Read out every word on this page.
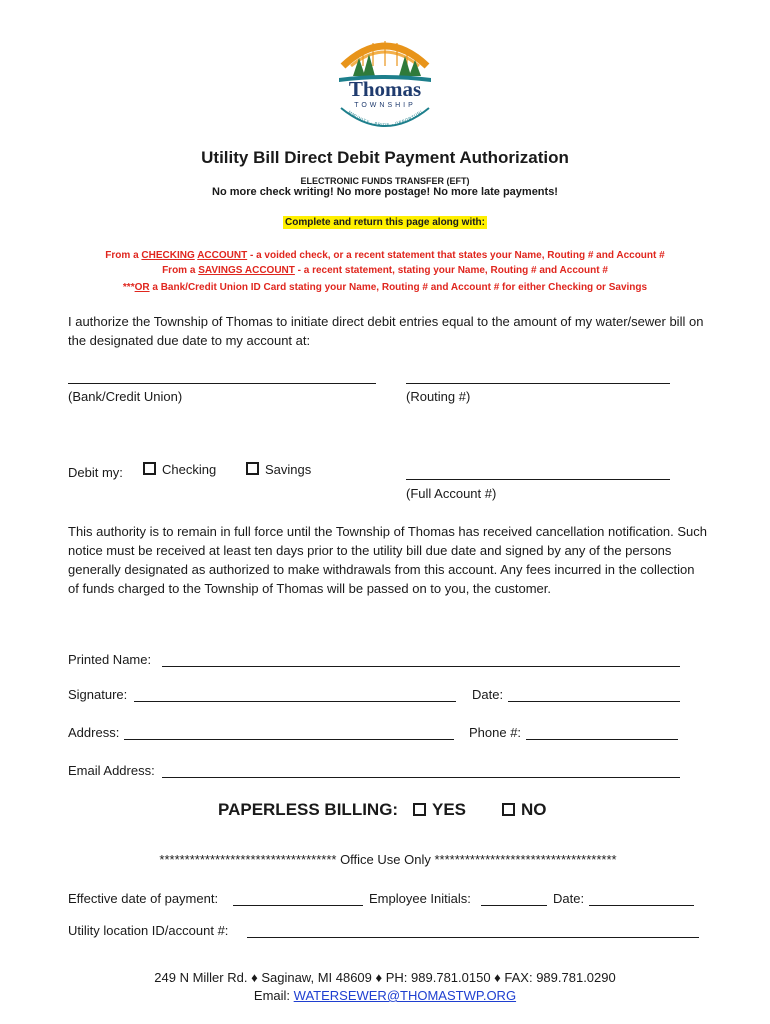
Thomas
TOWNSHIP
MMUNITY · PRIDE · OPPORTUNI
Utility Bill Direct Debit Payment Authorization
ELECTRONIC FUNDS TRANSFER (EFT)
No more check writing! No more postage! No more late payments!
Complete and return this page along with:
From a CHECKING ACCOUNT - a voided check, or a recent statement that states your Name, Routing # and Account #
From a SAVINGS ACCOUNT - a recent statement, stating your Name, Routing # and Account #
***OR a Bank/Credit Union ID Card stating your Name, Routing # and Account # for either Checking or Savings
I authorize the Township of Thomas to initiate direct debit entries equal to the amount of my water/sewer bill on the designated due date to my account at:
(Bank/Credit Union)	(Routing #)
Debit my:	Checking	Savings
(Full Account #)
This authority is to remain in full force until the Township of Thomas has received cancellation notification. Such notice must be received at least ten days prior to the utility bill due date and signed by any of the persons generally designated as authorized to make withdrawals from this account. Any fees incurred in the collection of funds charged to the Township of Thomas will be passed on to you, the customer.
Printed Name:
Signature:	Date:
Address:	Phone #:
Email Address:
PAPERLESS BILLING:	YES	NO
*********************************** Office Use Only ************************************
Effective date of payment:	Employee Initials:	Date:
Utility location ID/account #:
249 N Miller Rd. ♦ Saginaw, MI 48609 ♦ PH: 989.781.0150 ♦ FAX: 989.781.0290
Email: WATERSEWER@THOMASTWP.ORG
